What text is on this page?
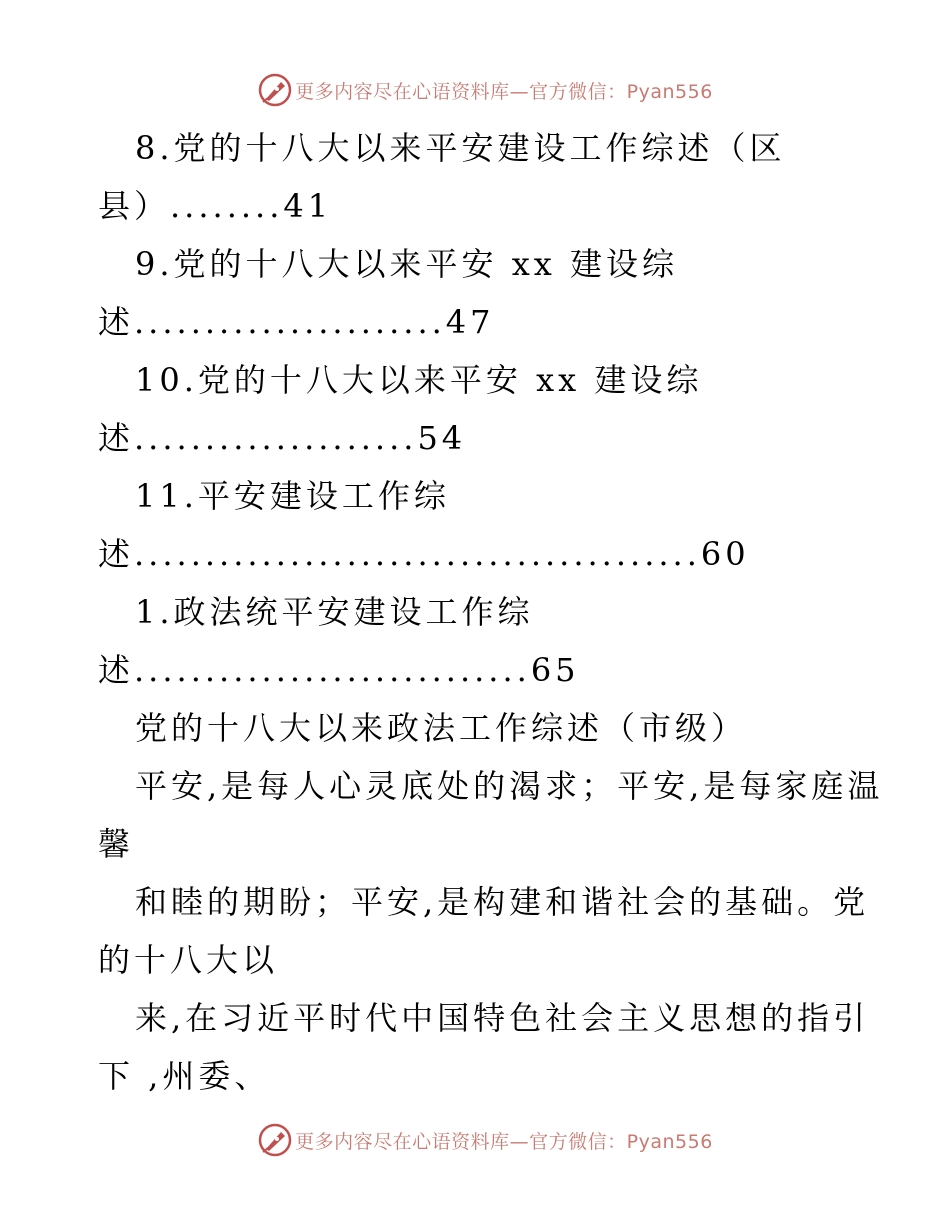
更多内容尽在心语资料库—官方微信：Pyan556
8.党的十八大以来平安建设工作综述（区
县）........41
9.党的十八大以来平安 xx 建设综
述......................47
10.党的十八大以来平安 xx 建设综
述....................54
11.平安建设工作综
述........................................60
1.政法统平安建设工作综
述............................65
党的十八大以来政法工作综述（市级）
平安,是每人心灵底处的渴求；平安,是每家庭温
馨
和睦的期盼；平安,是构建和谐社会的基础。党
的十八大以
来,在习近平时代中国特色社会主义思想的指引
下 ,州委、
更多内容尽在心语资料库—官方微信：Pyan556
